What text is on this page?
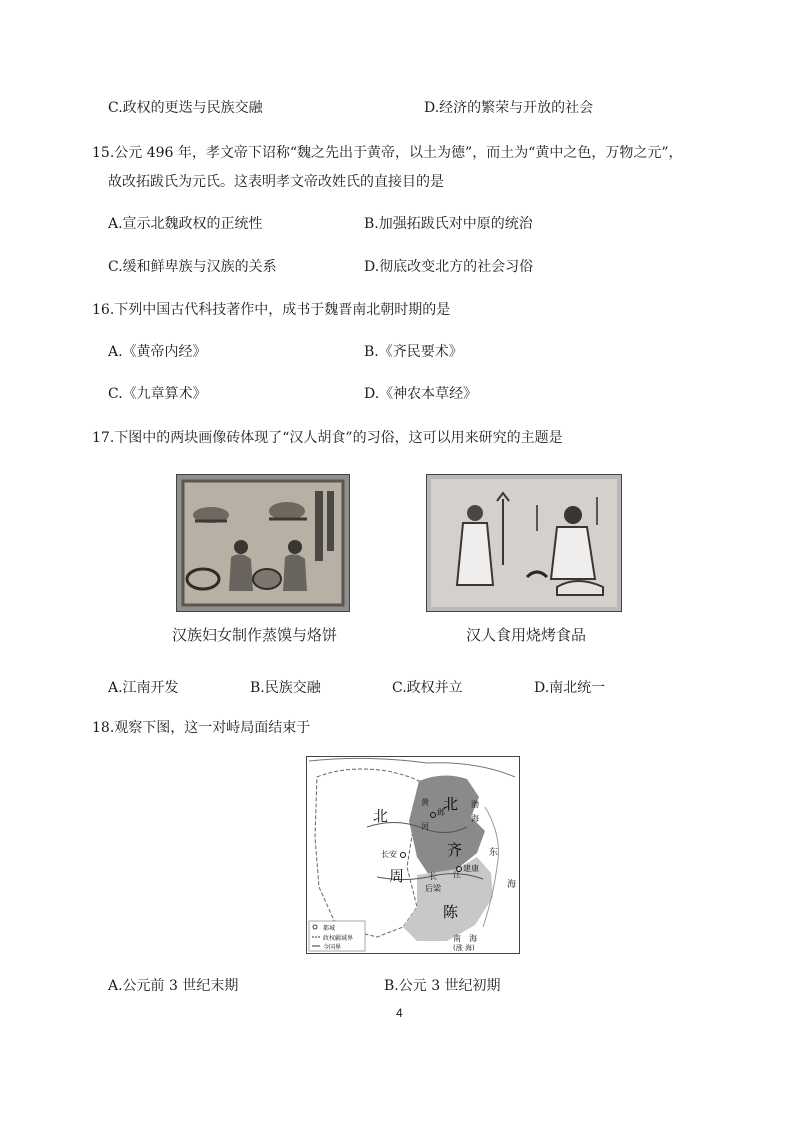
C.政权的更迭与民族交融	D.经济的繁荣与开放的社会
15.公元 496 年，孝文帝下诏称“魏之先出于黄帝，以土为德”，而土为“黄中之色，万物之元”，
故改拓跋氏为元氏。这表明孝文帝改姓氏的直接目的是
A.宣示北魏政权的正统性	B.加强拓跋氏对中原的统治
C.缓和鲜卑族与汉族的关系	D.彻底改变北方的社会习俗
16.下列中国古代科技著作中，成书于魏晋南北朝时期的是
A.《黄帝内经》	B.《齐民要术》
C.《九章算术》	D.《神农本草经》
17.下图中的两块画像砖体现了“汉人胡食”的习俗，这可以用来研究的主题是
汉族妇女制作蒸馍与烙饼	汉人食用烧烤食品
A.江南开发	B.民族交融	C.政权并立	D.南北统一
18.观察下图，这一对峙局面结束于
北
周
北
齐
陈
黄
邺
河
渤
海
长安	东
海
江
建康
长
后梁
南 海
(涨 海)
都城
政权疆域界
今国界
A.公元前 3 世纪末期	B.公元 3 世纪初期
4
